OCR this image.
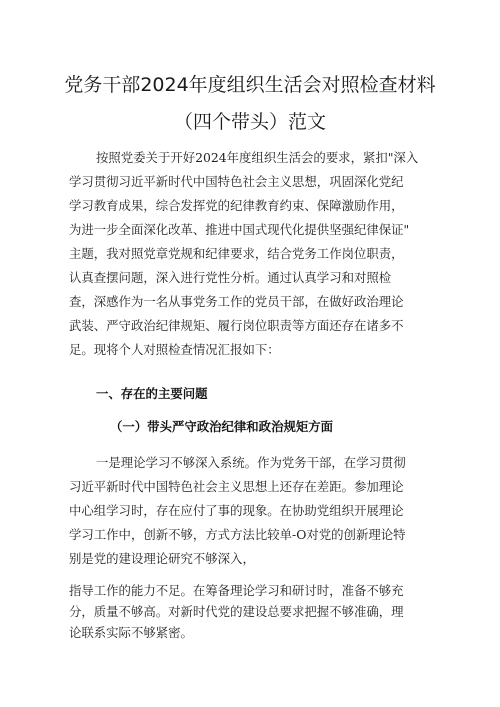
党务干部2024年度组织生活会对照检查材料
（四个带头）范文
按照党委关于开好2024年度组织生活会的要求，紧扣"深入
学习贯彻习近平新时代中国特色社会主义思想，巩固深化党纪
学习教育成果，综合发挥党的纪律教育约束、保障激励作用，
为进一步全面深化改革、推进中国式现代化提供坚强纪律保证"
主题，我对照党章党规和纪律要求，结合党务工作岗位职责，
认真查摆问题，深入进行党性分析。通过认真学习和对照检
查，深感作为一名从事党务工作的党员干部，在做好政治理论
武装、严守政治纪律规矩、履行岗位职责等方面还存在诸多不
足。现将个人对照检查情况汇报如下：
一、存在的主要问题
（一）带头严守政治纪律和政治规矩方面
一是理论学习不够深入系统。作为党务干部，在学习贯彻
习近平新时代中国特色社会主义思想上还存在差距。参加理论
中心组学习时，存在应付了事的现象。在协助党组织开展理论
学习工作中，创新不够，方式方法比较单-O对党的创新理论特
别是党的建设理论研究不够深入，
指导工作的能力不足。在筹备理论学习和研讨时，准备不够充
分，质量不够高。对新时代党的建设总要求把握不够准确，理
论联系实际不够紧密。
